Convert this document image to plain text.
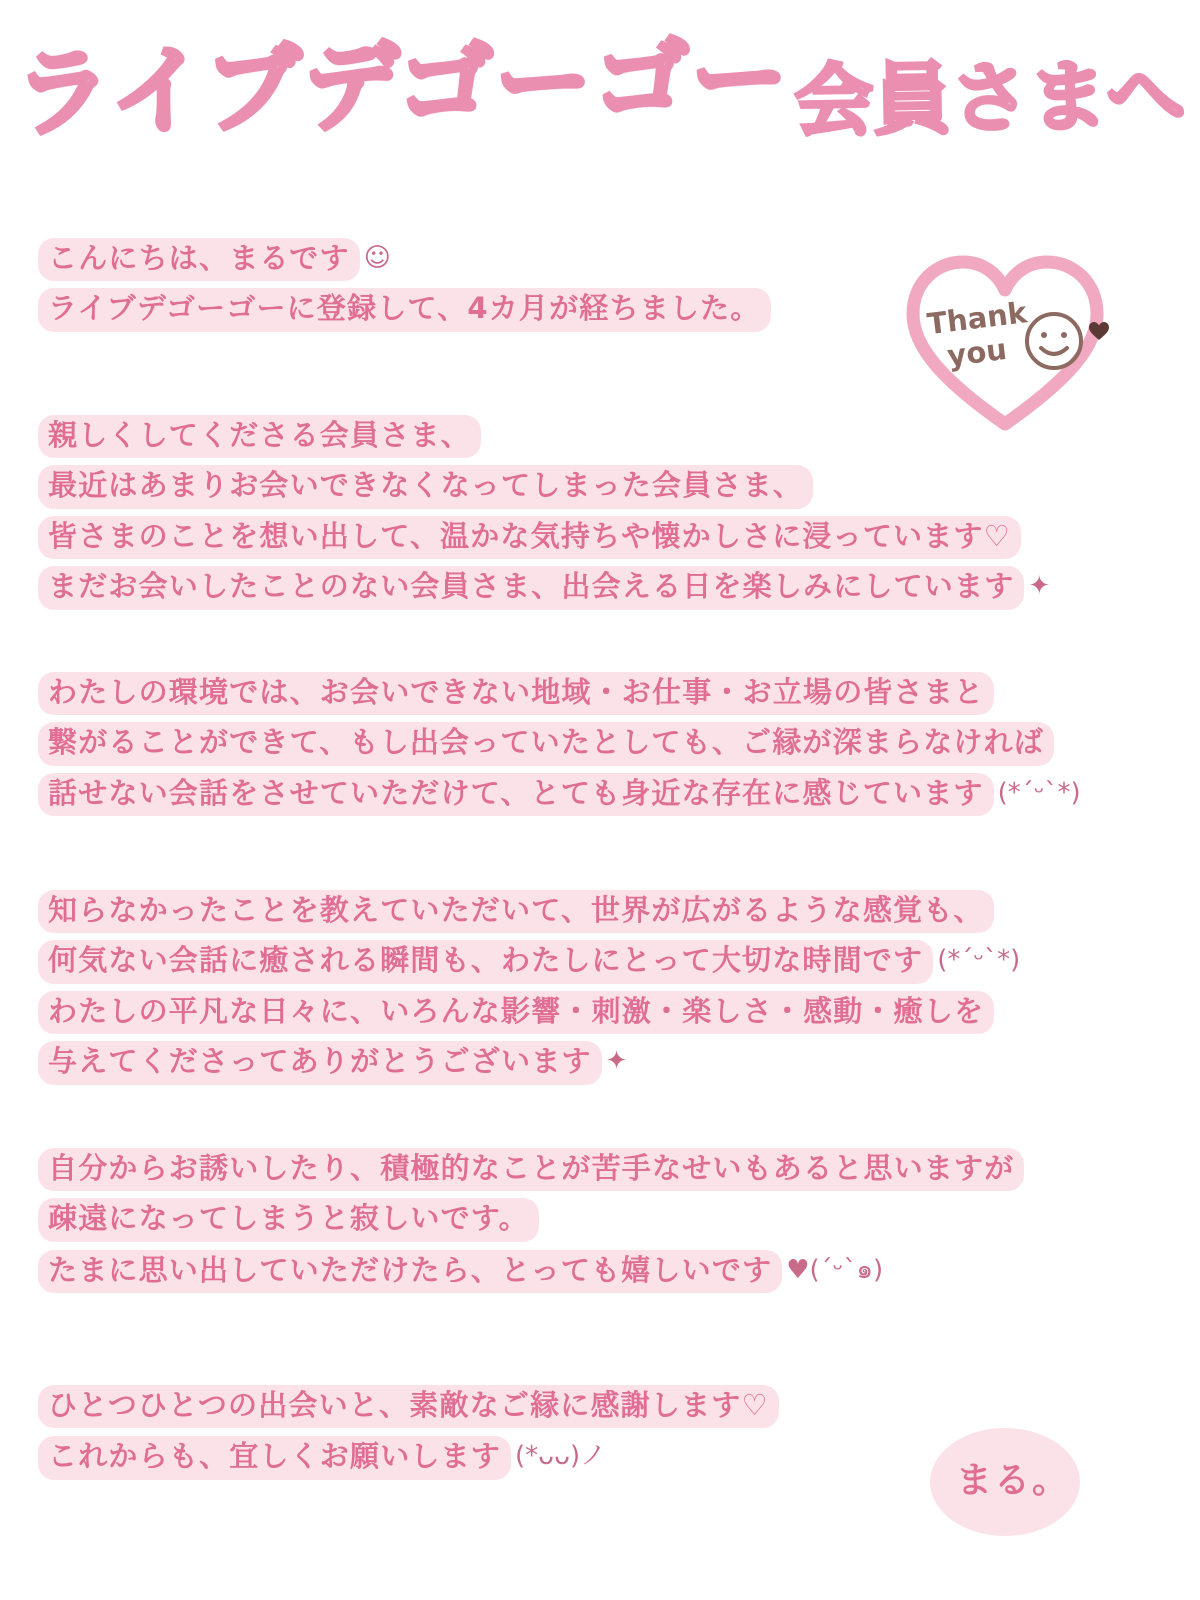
ライブデゴーゴー会員さまへ
Thank
you
こんにちは、まるです ☺
ライブデゴーゴーに登録して、4カ月が経ちました。
親しくしてくださる会員さま、
最近はあまりお会いできなくなってしまった会員さま、
皆さまのことを想い出して、温かな気持ちや懐かしさに浸っています♡
まだお会いしたことのない会員さま、出会える日を楽しみにしています ✦
わたしの環境では、お会いできない地域・お仕事・お立場の皆さまと
繋がることができて、もし出会っていたとしても、ご縁が深まらなければ
話せない会話をさせていただけて、とても身近な存在に感じています (*ˊᵕˋ*)
知らなかったことを教えていただいて、世界が広がるような感覚も、
何気ない会話に癒される瞬間も、わたしにとって大切な時間です (*ˊᵕˋ*)
わたしの平凡な日々に、いろんな影響・刺激・楽しさ・感動・癒しを
与えてくださってありがとうございます ✦
自分からお誘いしたり、積極的なことが苦手なせいもあると思いますが
疎遠になってしまうと寂しいです。
たまに思い出していただけたら、とっても嬉しいです ♥(´ᵕ`๑)
ひとつひとつの出会いと、素敵なご縁に感謝します♡
これからも、宜しくお願いします (*ᴗᴗ)ノ
まる。
